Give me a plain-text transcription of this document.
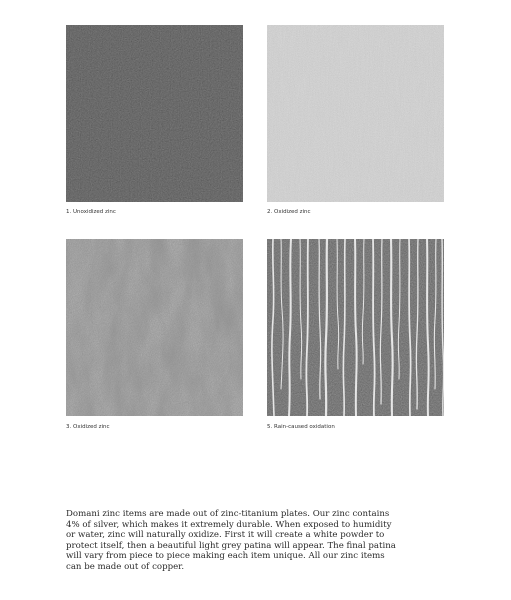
1. Unoxidized zinc	2. Oxidized zinc
3. Oxidized zinc	5. Rain-caused oxidation

Domani zinc items are made out of zinc-titanium plates. Our zinc contains 4% of silver, which makes it extremely durable. When exposed to humidity or water, zinc will naturally oxidize. First it will create a white powder to protect itself, then a beautiful light grey patina will appear. The final patina will vary from piece to piece making each item unique. All our zinc items can be made out of copper.
